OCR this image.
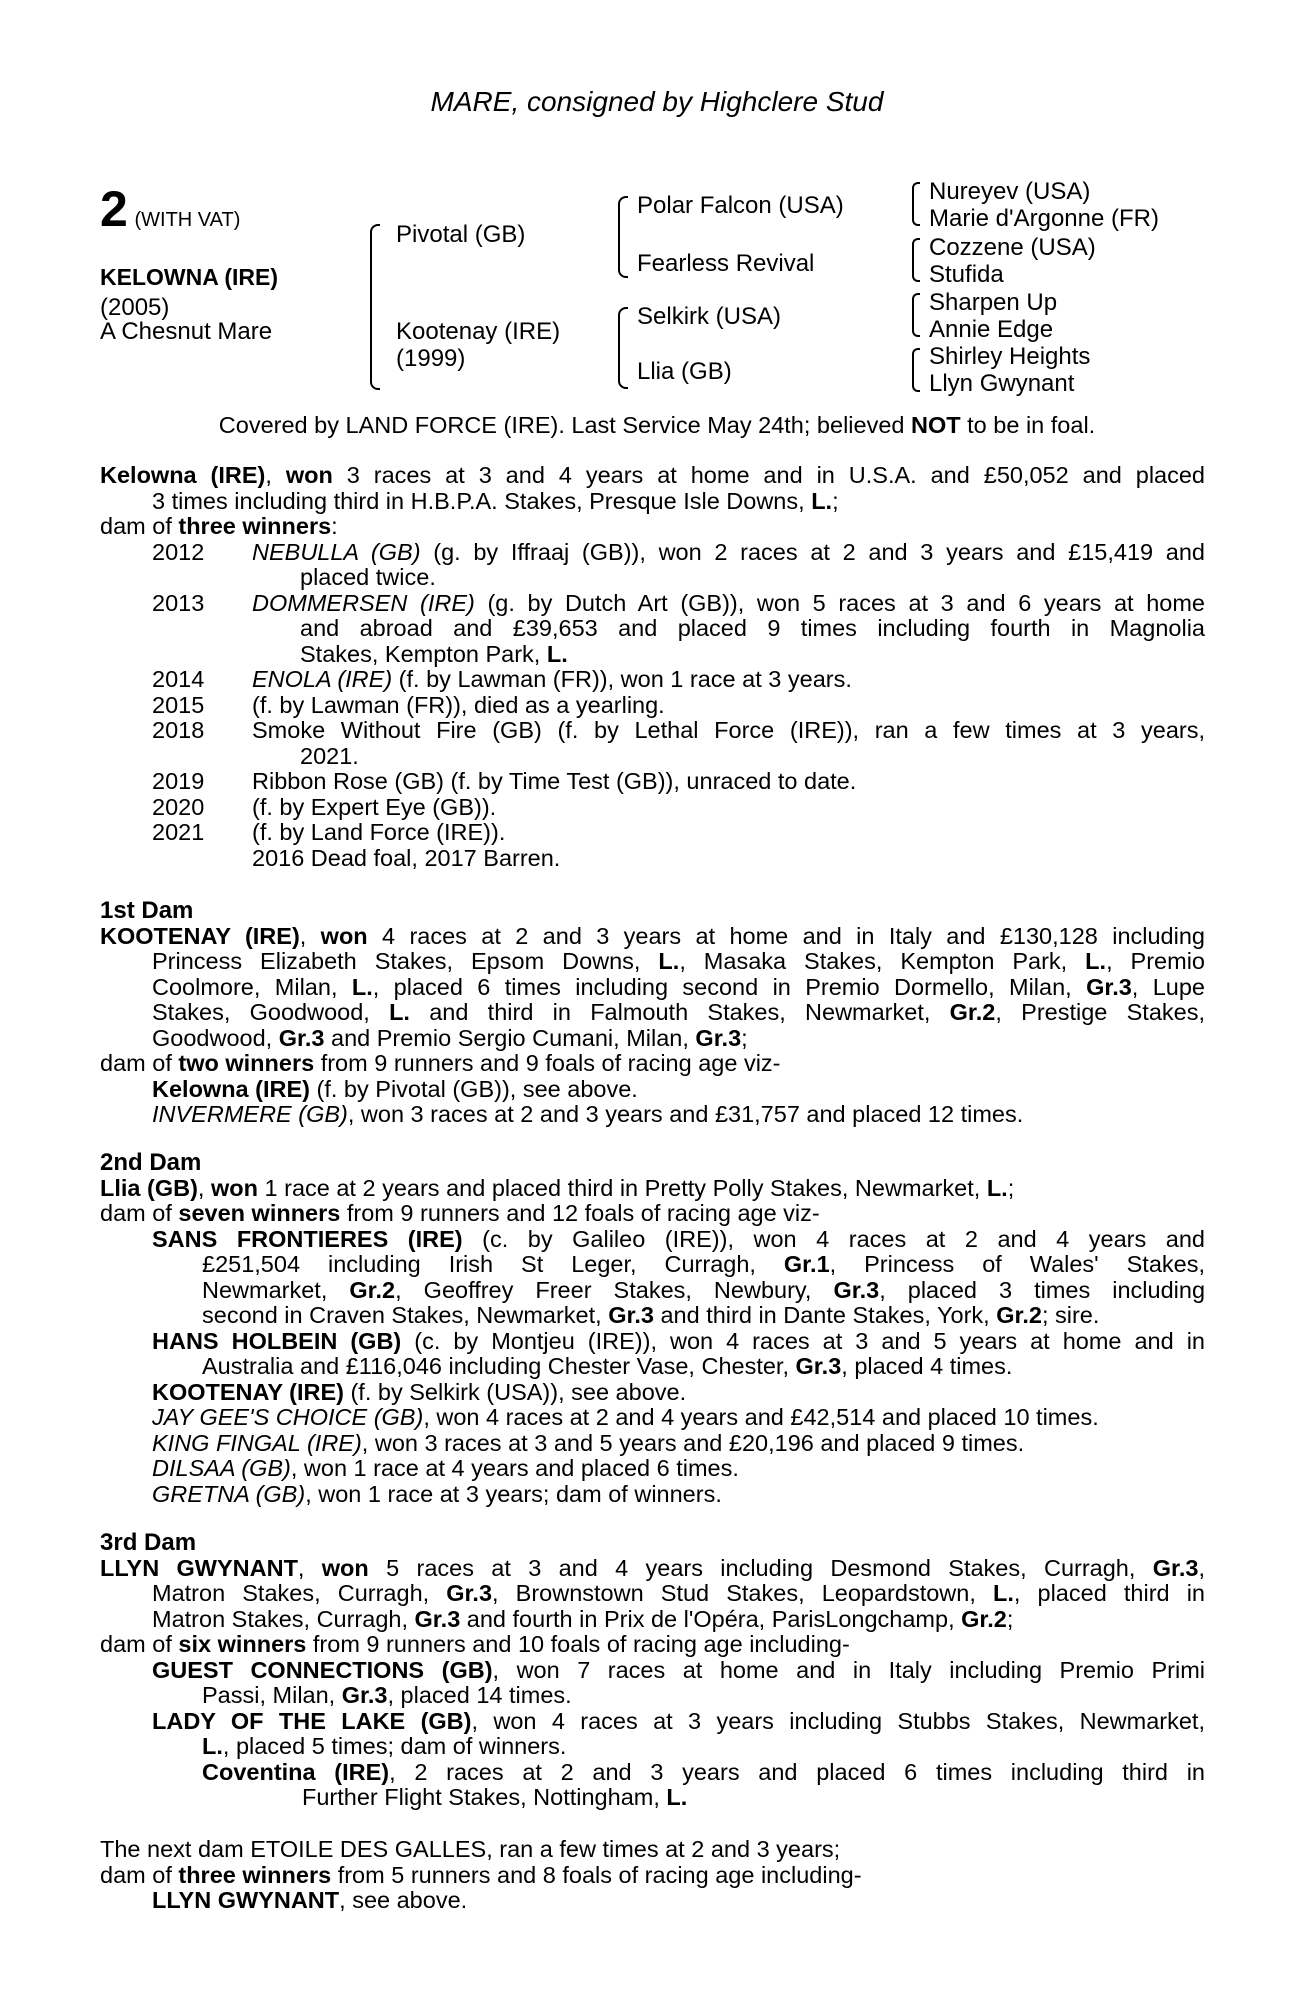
MARE, consigned by Highclere Stud
2 (WITH VAT)
KELOWNA (IRE)
(2005)
A Chesnut Mare
Pivotal (GB)
Kootenay (IRE)
(1999)
Polar Falcon (USA)
Fearless Revival
Selkirk (USA)
Llia (GB)
Nureyev (USA)
Marie d'Argonne (FR)
Cozzene (USA)
Stufida
Sharpen Up
Annie Edge
Shirley Heights
Llyn Gwynant
Covered by LAND FORCE (IRE). Last Service May 24th; believed NOT to be in foal.
Kelowna (IRE), won 3 races at 3 and 4 years at home and in U.S.A. and £50,052 and placed
3 times including third in H.B.P.A. Stakes, Presque Isle Downs, L.;
dam of three winners:
2012 NEBULLA (GB) (g. by Iffraaj (GB)), won 2 races at 2 and 3 years and £15,419 and
placed twice.
2013 DOMMERSEN (IRE) (g. by Dutch Art (GB)), won 5 races at 3 and 6 years at home
and abroad and £39,653 and placed 9 times including fourth in Magnolia
Stakes, Kempton Park, L.
2014 ENOLA (IRE) (f. by Lawman (FR)), won 1 race at 3 years.
2015 (f. by Lawman (FR)), died as a yearling.
2018 Smoke Without Fire (GB) (f. by Lethal Force (IRE)), ran a few times at 3 years,
2021.
2019 Ribbon Rose (GB) (f. by Time Test (GB)), unraced to date.
2020 (f. by Expert Eye (GB)).
2021 (f. by Land Force (IRE)).
2016 Dead foal, 2017 Barren.
1st Dam
KOOTENAY (IRE), won 4 races at 2 and 3 years at home and in Italy and £130,128 including
Princess Elizabeth Stakes, Epsom Downs, L., Masaka Stakes, Kempton Park, L., Premio
Coolmore, Milan, L., placed 6 times including second in Premio Dormello, Milan, Gr.3, Lupe
Stakes, Goodwood, L. and third in Falmouth Stakes, Newmarket, Gr.2, Prestige Stakes,
Goodwood, Gr.3 and Premio Sergio Cumani, Milan, Gr.3;
dam of two winners from 9 runners and 9 foals of racing age viz-
Kelowna (IRE) (f. by Pivotal (GB)), see above.
INVERMERE (GB), won 3 races at 2 and 3 years and £31,757 and placed 12 times.
2nd Dam
Llia (GB), won 1 race at 2 years and placed third in Pretty Polly Stakes, Newmarket, L.;
dam of seven winners from 9 runners and 12 foals of racing age viz-
SANS FRONTIERES (IRE) (c. by Galileo (IRE)), won 4 races at 2 and 4 years and
£251,504 including Irish St Leger, Curragh, Gr.1, Princess of Wales' Stakes,
Newmarket, Gr.2, Geoffrey Freer Stakes, Newbury, Gr.3, placed 3 times including
second in Craven Stakes, Newmarket, Gr.3 and third in Dante Stakes, York, Gr.2; sire.
HANS HOLBEIN (GB) (c. by Montjeu (IRE)), won 4 races at 3 and 5 years at home and in
Australia and £116,046 including Chester Vase, Chester, Gr.3, placed 4 times.
KOOTENAY (IRE) (f. by Selkirk (USA)), see above.
JAY GEE'S CHOICE (GB), won 4 races at 2 and 4 years and £42,514 and placed 10 times.
KING FINGAL (IRE), won 3 races at 3 and 5 years and £20,196 and placed 9 times.
DILSAA (GB), won 1 race at 4 years and placed 6 times.
GRETNA (GB), won 1 race at 3 years; dam of winners.
3rd Dam
LLYN GWYNANT, won 5 races at 3 and 4 years including Desmond Stakes, Curragh, Gr.3,
Matron Stakes, Curragh, Gr.3, Brownstown Stud Stakes, Leopardstown, L., placed third in
Matron Stakes, Curragh, Gr.3 and fourth in Prix de l'Opéra, ParisLongchamp, Gr.2;
dam of six winners from 9 runners and 10 foals of racing age including-
GUEST CONNECTIONS (GB), won 7 races at home and in Italy including Premio Primi
Passi, Milan, Gr.3, placed 14 times.
LADY OF THE LAKE (GB), won 4 races at 3 years including Stubbs Stakes, Newmarket,
L., placed 5 times; dam of winners.
Coventina (IRE), 2 races at 2 and 3 years and placed 6 times including third in
Further Flight Stakes, Nottingham, L.
The next dam ETOILE DES GALLES, ran a few times at 2 and 3 years;
dam of three winners from 5 runners and 8 foals of racing age including-
LLYN GWYNANT, see above.
